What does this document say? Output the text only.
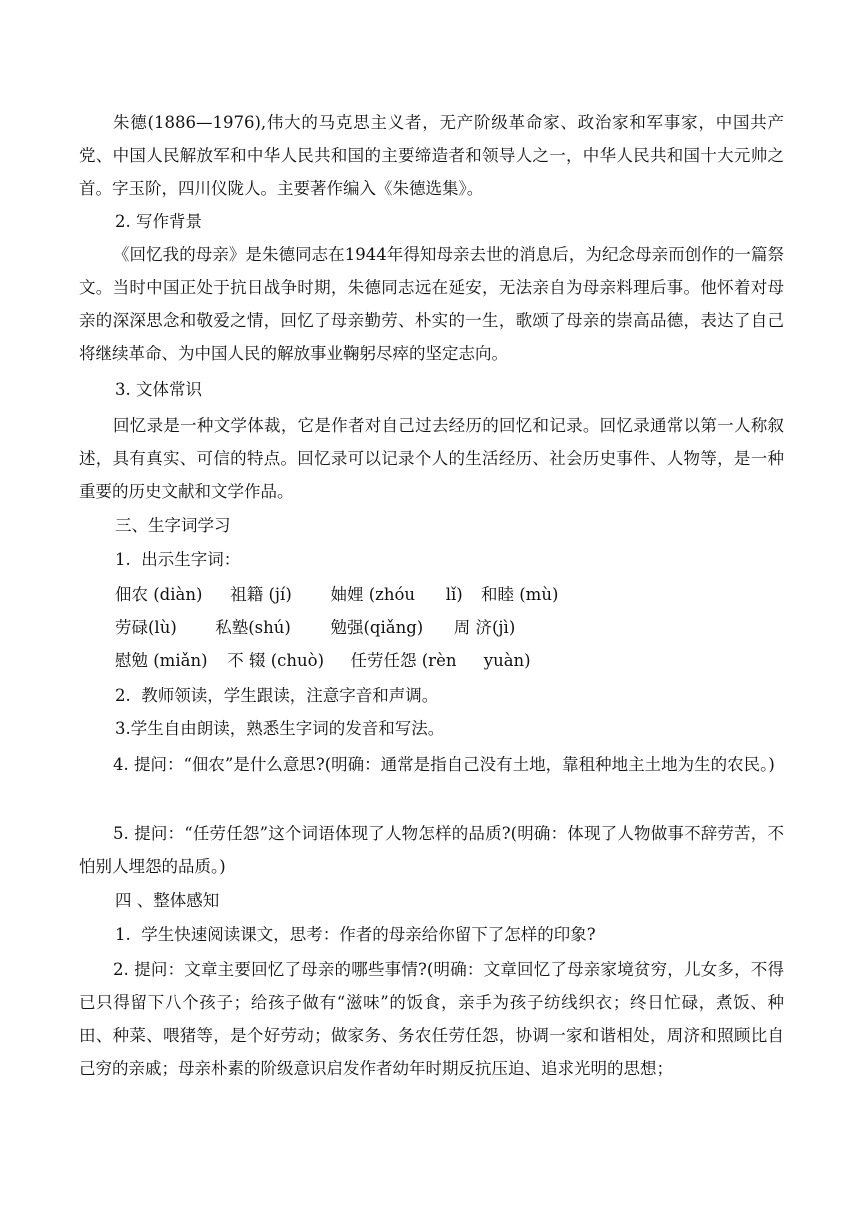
朱德(1886—1976),伟大的马克思主义者，无产阶级革命家、政治家和军事家，中国共产党、中国人民解放军和中华人民共和国的主要缔造者和领导人之一，中华人民共和国十大元帅之首。字玉阶，四川仪陇人。主要著作编入《朱德选集》。

2. 写作背景

《回忆我的母亲》是朱德同志在1944年得知母亲去世的消息后，为纪念母亲而创作的一篇祭文。当时中国正处于抗日战争时期，朱德同志远在延安，无法亲自为母亲料理后事。他怀着对母亲的深深思念和敬爱之情，回忆了母亲勤劳、朴实的一生，歌颂了母亲的崇高品德，表达了自己将继续革命、为中国人民的解放事业鞠躬尽瘁的坚定志向。

3. 文体常识

回忆录是一种文学体裁，它是作者对自己过去经历的回忆和记录。回忆录通常以第一人称叙述，具有真实、可信的特点。回忆录可以记录个人的生活经历、社会历史事件、人物等，是一种重要的历史文献和文学作品。

三、生字词学习

1.  出示生字词：

佃农 (diàn) 祖籍 (jí) 妯娌 (zhóu lǐ) 和睦 (mù)
劳碌(lù) 私塾(shú) 勉强(qiǎng) 周 济(jì)
慰勉 (miǎn) 不 辍 (chuò) 任劳任怨 (rèn yuàn)

2.  教师领读，学生跟读，注意字音和声调。

3.学生自由朗读，熟悉生字词的发音和写法。

4. 提问：“佃农”是什么意思?(明确：通常是指自己没有土地，靠租种地主土地为生的农民。)

5. 提问：“任劳任怨”这个词语体现了人物怎样的品质?(明确：体现了人物做事不辞劳苦，不怕别人埋怨的品质。)

四 、整体感知

1.  学生快速阅读课文，思考：作者的母亲给你留下了怎样的印象?

2. 提问：文章主要回忆了母亲的哪些事情?(明确：文章回忆了母亲家境贫穷，儿女多，不得已只得留下八个孩子；给孩子做有“滋味”的饭食，亲手为孩子纺线织衣；终日忙碌，煮饭、种田、种菜、喂猪等，是个好劳动；做家务、务农任劳任怨，协调一家和谐相处，周济和照顾比自己穷的亲戚；母亲朴素的阶级意识启发作者幼年时期反抗压迫、追求光明的思想；
